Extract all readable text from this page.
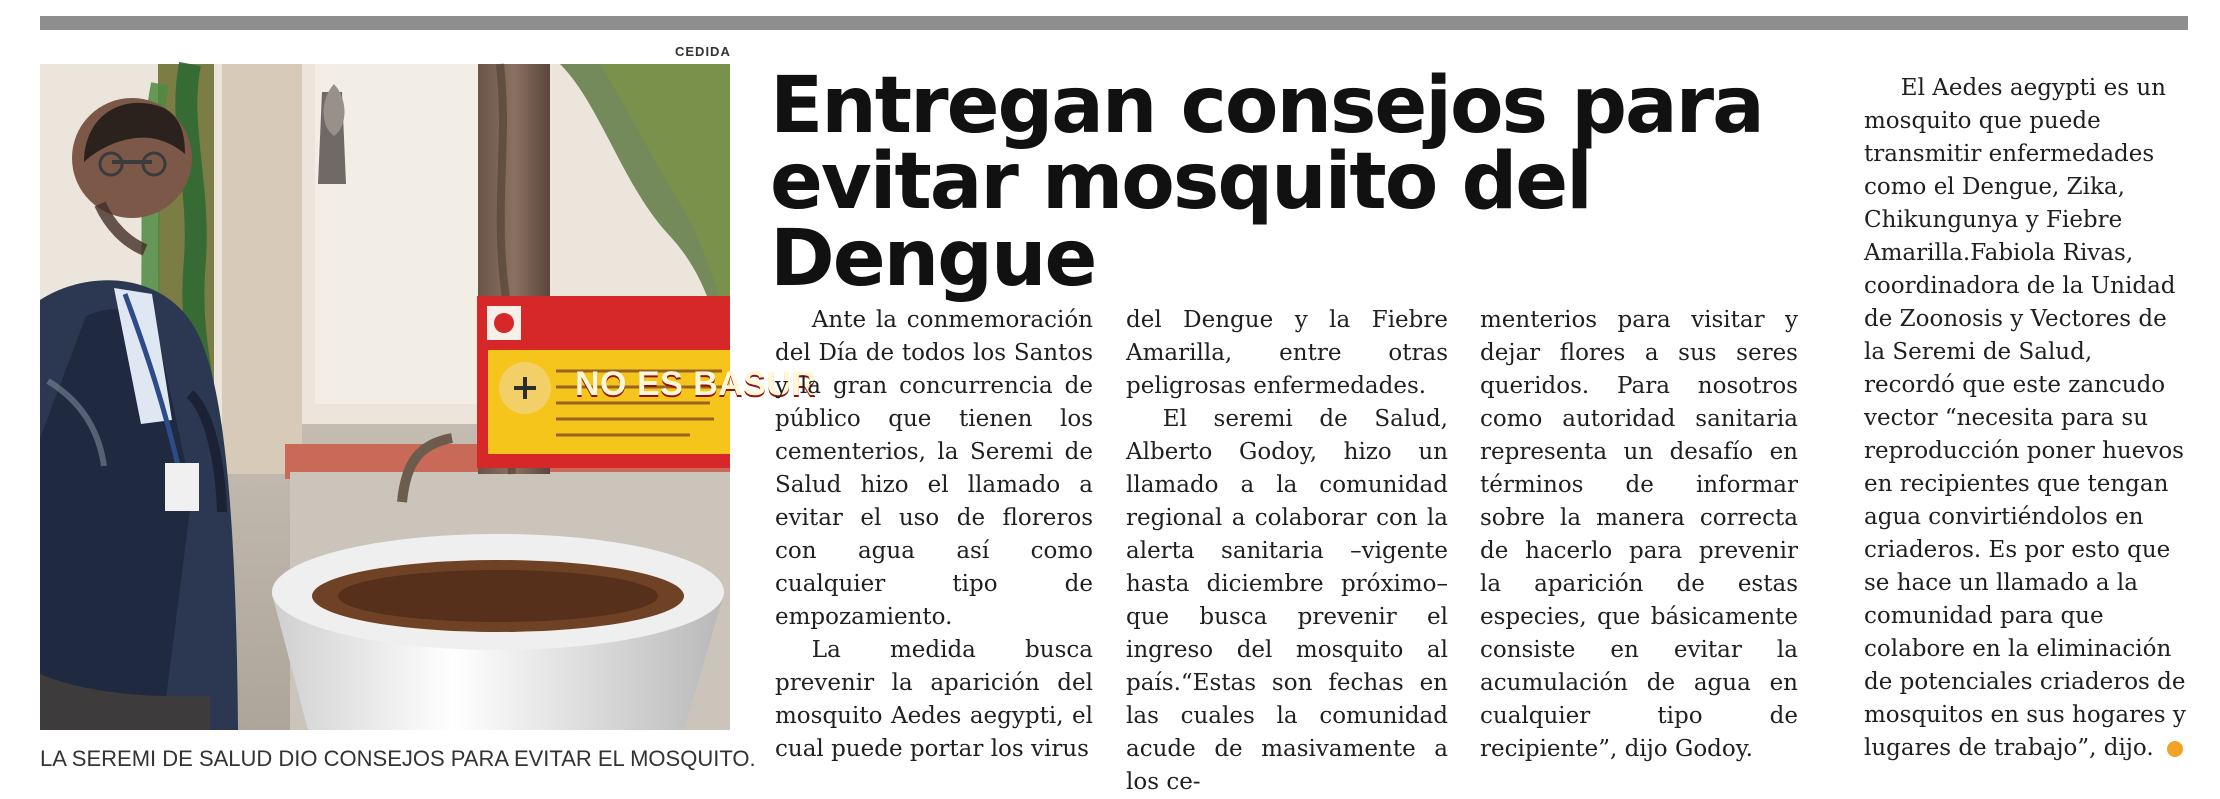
CEDIDA
NO ES BASUR
LA SEREMI DE SALUD DIO CONSEJOS PARA EVITAR EL MOSQUITO.
Entregan consejos para evitar mosquito del Dengue

Ante la conmemoración del Día de todos los Santos y la gran concurrencia de público que tienen los cementerios, la Seremi de Salud hizo el llamado a evitar el uso de floreros con agua así como cualquier tipo de empozamiento.

La medida busca prevenir la aparición del mosquito Aedes aegypti, el cual puede portar los virus

del Dengue y la Fiebre Amarilla, entre otras peligrosas enfermedades.

El seremi de Salud, Alberto Godoy, hizo un llamado a la comunidad regional a colaborar con la alerta sanitaria –vigente hasta diciembre próximo– que busca prevenir el ingreso del mosquito al país.“Estas son fechas en las cuales la comunidad acude de masivamente a los ce-

menterios para visitar y dejar flores a sus seres queridos. Para nosotros como autoridad sanitaria representa un desafío en términos de informar sobre la manera correcta de hacerlo para prevenir la aparición de estas especies, que básicamente consiste en evitar la acumulación de agua en cualquier tipo de recipiente”, dijo Godoy.

El Aedes aegypti es un mosquito que puede transmitir enfermedades como el Dengue, Zika, Chikungunya y Fiebre Amarilla.Fabiola Rivas, coordinadora de la Unidad de Zoonosis y Vectores de la Seremi de Salud, recordó que este zancudo vector “necesita para su reproducción poner huevos en recipientes que tengan agua convirtiéndolos en criaderos. Es por esto que se hace un llamado a la comunidad para que colabore en la eliminación de potenciales criaderos de mosquitos en sus hogares y lugares de trabajo”, dijo.	✪
